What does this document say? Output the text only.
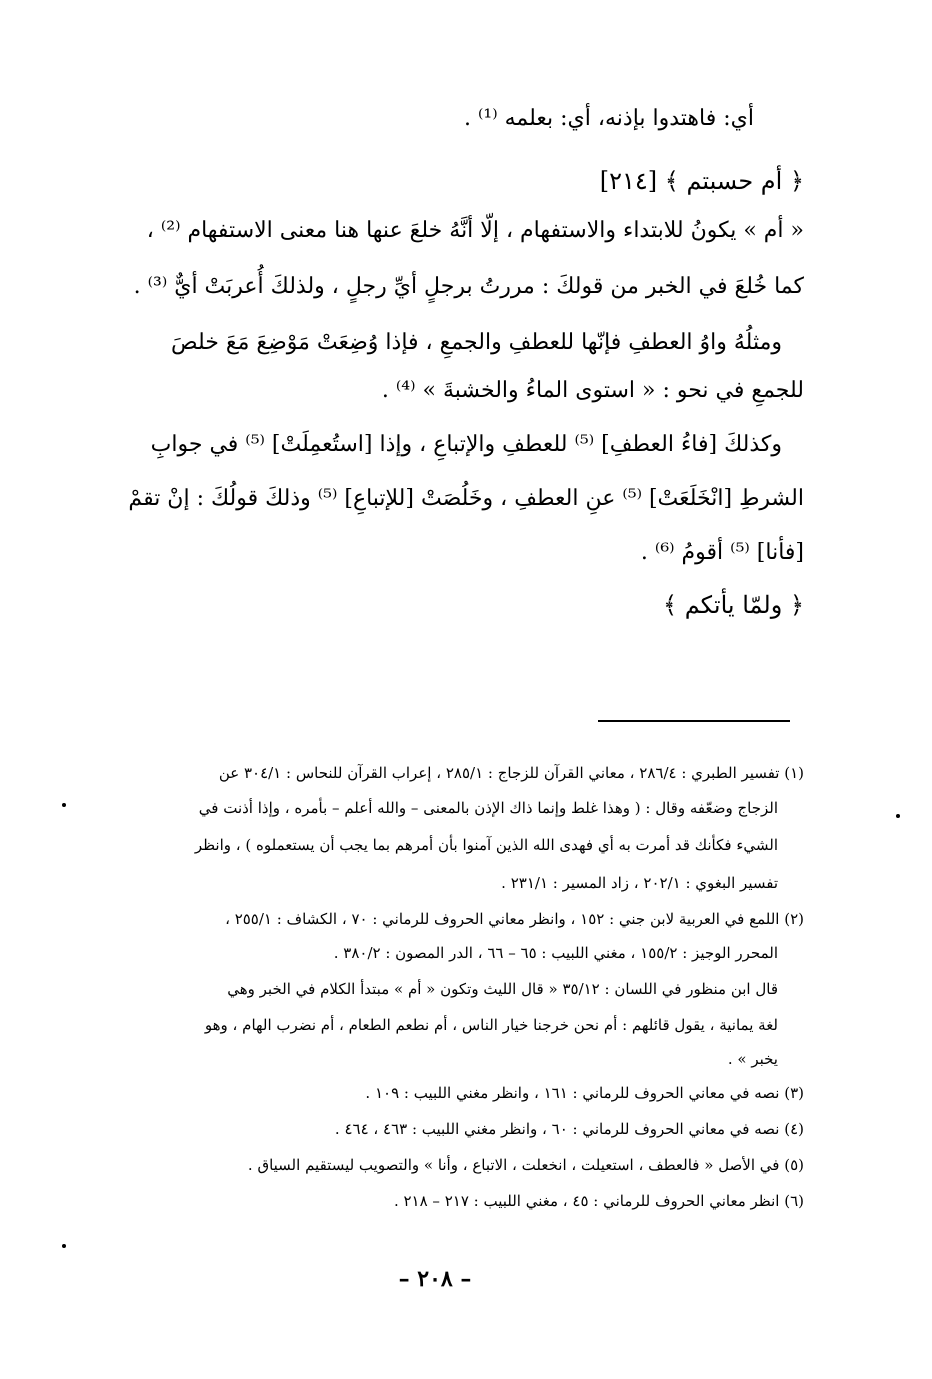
أي: فاهتدوا بإذنه، أي: بعلمه ⁽¹⁾ .

﴿ أم حسبتم ﴾ [٢١٤]

« أم » يكونُ للابتداء والاستفهام ، إلّا أنَّهُ خلعَ عنها هنا معنى الاستفهام ⁽²⁾ ،

كما خُلعَ في الخبر من قولكَ : مررتُ برجلٍ أيِّ رجلٍ ، ولذلكَ أُعربَتْ أيٌّ ⁽³⁾ .

ومثلُهُ واوُ العطفِ فإنّها للعطفِ والجمعِ ، فإذا وُضِعَتْ مَوْضِعَ مَعَ خلصَ

للجمعِ في نحو : « استوى الماءُ والخشبةَ » ⁽⁴⁾ .

وكذلكَ [فاءُ العطفِ] ⁽⁵⁾ للعطفِ والإتباعِ ، وإذا [استُعمِلَتْ] ⁽⁵⁾ في جوابِ

الشرطِ [انْخَلَعَتْ] ⁽⁵⁾ عنِ العطفِ ، وخَلُصَتْ [للإتباعِ] ⁽⁵⁾ وذلكَ قولُكَ : إنْ تقمْ

[فأنا] ⁽⁵⁾ أقومُ ⁽⁶⁾ .

﴿ ولمّا يأتكم ﴾

(١) تفسير الطبري : ٢٨٦/٤ ، معاني القرآن للزجاج : ٢٨٥/١ ، إعراب القرآن للنحاس : ٣٠٤/١ عن

الزجاج وضعّفه وقال : ( وهذا غلط وإنما ذاك الإذن بالمعنى – والله أعلم – بأمره ، وإذا أذنت في

الشيء فكأنك قد أمرت به أي فهدى الله الذين آمنوا بأن أمرهم بما يجب أن يستعملوه ) ، وانظر

تفسير البغوي : ٢٠٢/١ ، زاد المسير : ٢٣١/١ .

(٢) اللمع في العربية لابن جني : ١٥٢ ، وانظر معاني الحروف للرماني : ٧٠ ، الكشاف : ٢٥٥/١ ،

المحرر الوجيز : ١٥٥/٢ ، مغني اللبيب : ٦٥ – ٦٦ ، الدر المصون : ٣٨٠/٢ .

قال ابن منظور في اللسان : ٣٥/١٢ « قال الليث وتكون « أم » مبتدأ الكلام في الخبر وهي

لغة يمانية ، يقول قائلهم : أم نحن خرجنا خيار الناس ، أم نطعم الطعام ، أم نضرب الهام ، وهو

يخبر » .

(٣) نصه في معاني الحروف للرماني : ١٦١ ، وانظر مغني اللبيب : ١٠٩ .

(٤) نصه في معاني الحروف للرماني : ٦٠ ، وانظر مغني اللبيب : ٤٦٣ ، ٤٦٤ .

(٥) في الأصل « فالعطف ، استعيلت ، انخعلت ، الاتباع ، وأنا » والتصويب ليستقيم السياق .

(٦) انظر معاني الحروف للرماني : ٤٥ ، مغني اللبيب : ٢١٧ – ٢١٨ .

– ٢٠٨ –
